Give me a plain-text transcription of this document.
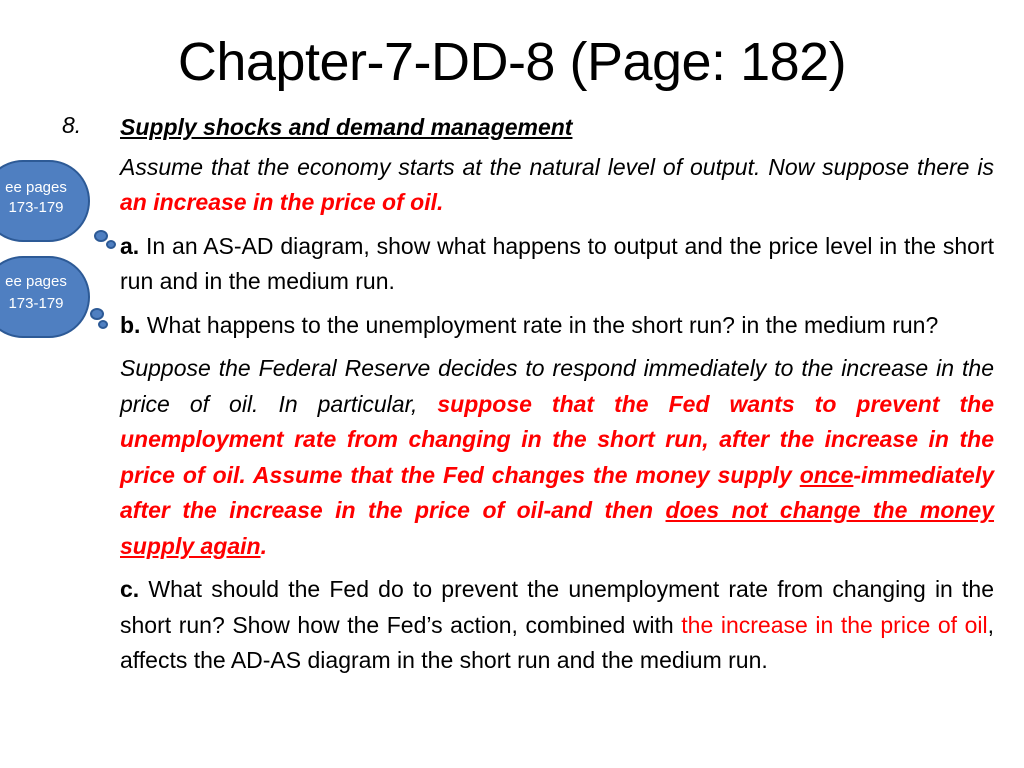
Chapter-7-DD-8 (Page: 182)
8. Supply shocks and demand management

Assume that the economy starts at the natural level of output. Now suppose there is an increase in the price of oil.

a. In an AS-AD diagram, show what happens to output and the price level in the short run and in the medium run.

b. What happens to the unemployment rate in the short run? in the medium run?

Suppose the Federal Reserve decides to respond immediately to the increase in the price of oil. In particular, suppose that the Fed wants to prevent the unemployment rate from changing in the short run, after the increase in the price of oil. Assume that the Fed changes the money supply once-immediately after the increase in the price of oil-and then does not change the money supply again.

c. What should the Fed do to prevent the unemployment rate from changing in the short run? Show how the Fed’s action, combined with the increase in the price of oil, affects the AD-AS diagram in the short run and the medium run.

ee pages
173-179
ee pages
173-179
